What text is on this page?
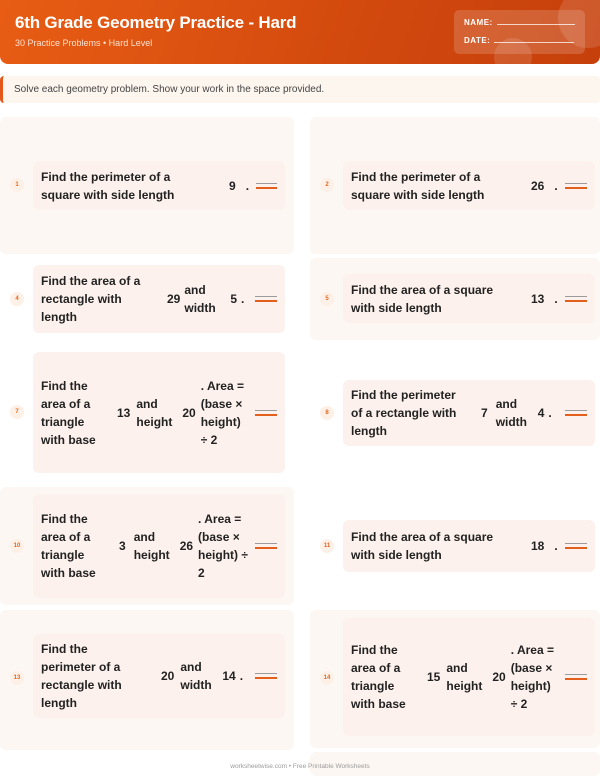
6th Grade Geometry Practice - Hard
30 Practice Problems • Hard Level
NAME:
DATE:
Solve each geometry problem. Show your work in the space provided.
1
Find the perimeter of a square with side length
9 .	2
Find the perimeter of a square with side length
26 .
4
Find the area of a rectangle with length
29
and width
5 .	5
Find the area of a square with side length
13 .
7
Find the area of a triangle with base
13
and height
20
. Area = (base × height) ÷ 2
8
Find the perimeter of a rectangle with length
7
and width
4 .
10
Find the area of a triangle with base
3
and height
26
. Area = (base × height) ÷ 2
11
Find the area of a square with side length
18 .
13
Find the perimeter of a rectangle with length
20
and width
14 .	14
Find the area of a triangle with base
15
and height
20
. Area = (base × height) ÷ 2
worksheetwise.com • Free Printable Worksheets
